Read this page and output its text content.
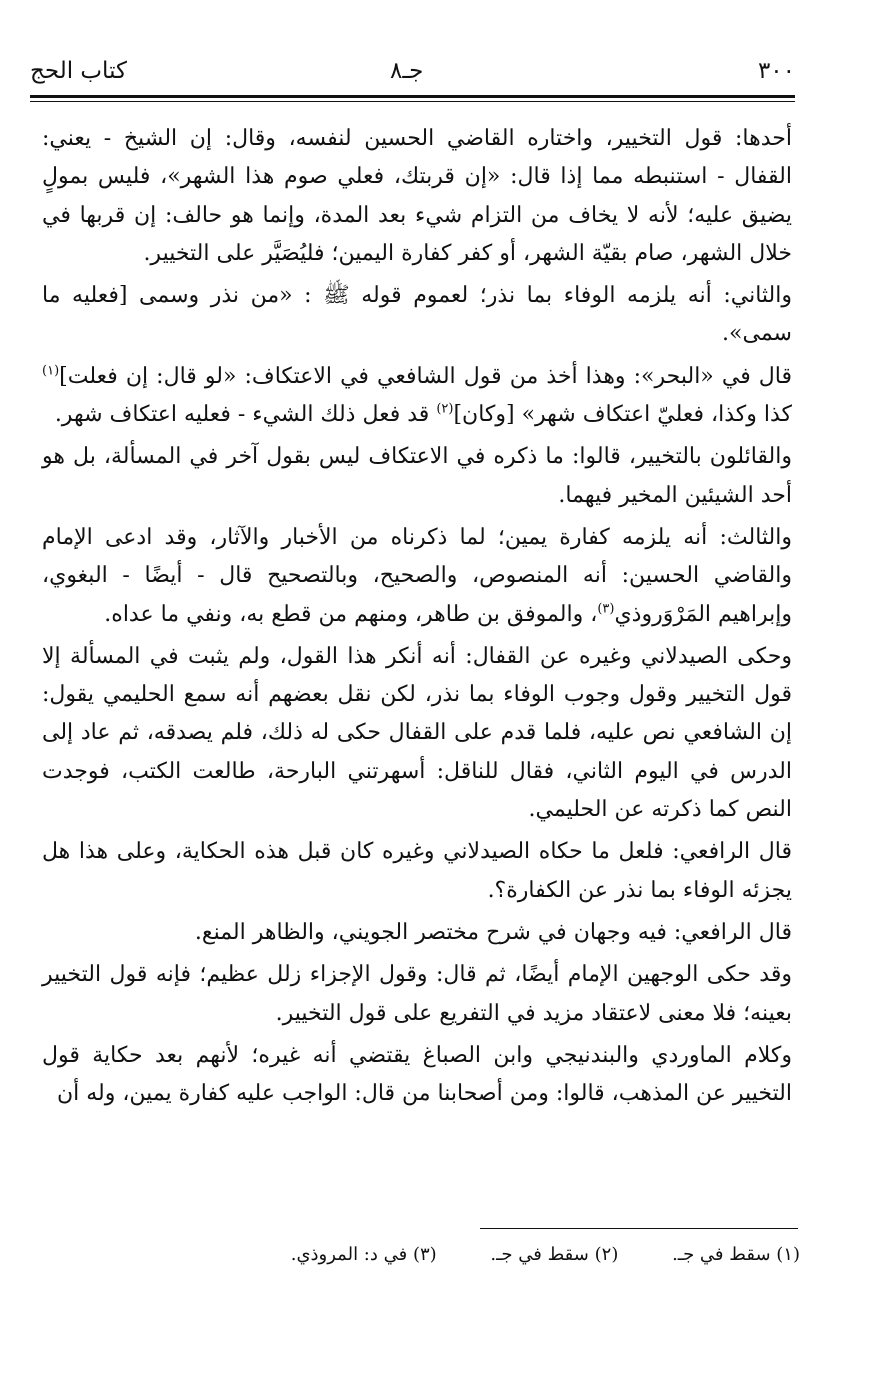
كتاب الحج	جـ٨	٣٠٠

أحدها: قول التخيير، واختاره القاضي الحسين لنفسه، وقال: إن الشيخ - يعني: القفال - استنبطه مما إذا قال: «إن قربتك، فعلي صوم هذا الشهر»، فليس بمولٍ يضيق عليه؛ لأنه لا يخاف من التزام شيء بعد المدة، وإنما هو حالف: إن قربها في خلال الشهر، صام بقيّة الشهر، أو كفر كفارة اليمين؛ فليُصَيَّر على التخيير.

والثاني: أنه يلزمه الوفاء بما نذر؛ لعموم قوله ﷺ : «من نذر وسمى [فعليه ما سمى».

قال في «البحر»: وهذا أخذ من قول الشافعي في الاعتكاف: «لو قال: إن فعلت]$^{(١)}$ كذا وكذا، فعليّ اعتكاف شهر» [وكان]$^{(٢)}$ قد فعل ذلك الشيء - فعليه اعتكاف شهر.

والقائلون بالتخيير، قالوا: ما ذكره في الاعتكاف ليس بقول آخر في المسألة، بل هو أحد الشيئين المخير فيهما.

والثالث: أنه يلزمه كفارة يمين؛ لما ذكرناه من الأخبار والآثار، وقد ادعى الإمام والقاضي الحسين: أنه المنصوص، والصحيح، وبالتصحيح قال - أيضًا - البغوي، وإبراهيم المَرْوَروذي$^{(٣)}$، والموفق بن طاهر، ومنهم من قطع به، ونفي ما عداه.

وحكى الصيدلاني وغيره عن القفال: أنه أنكر هذا القول، ولم يثبت في المسألة إلا قول التخيير وقول وجوب الوفاء بما نذر، لكن نقل بعضهم أنه سمع الحليمي يقول: إن الشافعي نص عليه، فلما قدم على القفال حكى له ذلك، فلم يصدقه، ثم عاد إلى الدرس في اليوم الثاني، فقال للناقل: أسهرتني البارحة، طالعت الكتب، فوجدت النص كما ذكرته عن الحليمي.

قال الرافعي: فلعل ما حكاه الصيدلاني وغيره كان قبل هذه الحكاية، وعلى هذا هل يجزئه الوفاء بما نذر عن الكفارة؟.

قال الرافعي: فيه وجهان في شرح مختصر الجويني، والظاهر المنع.

وقد حكى الوجهين الإمام أيضًا، ثم قال: وقول الإجزاء زلل عظيم؛ فإنه قول التخيير بعينه؛ فلا معنى لاعتقاد مزيد في التفريع على قول التخيير.

وكلام الماوردي والبندنيجي وابن الصباغ يقتضي أنه غيره؛ لأنهم بعد حكاية قول التخيير عن المذهب، قالوا: ومن أصحابنا من قال: الواجب عليه كفارة يمين، وله أن

(١) سقط في جـ. (٢) سقط في جـ. (٣) في د: المروذي.
